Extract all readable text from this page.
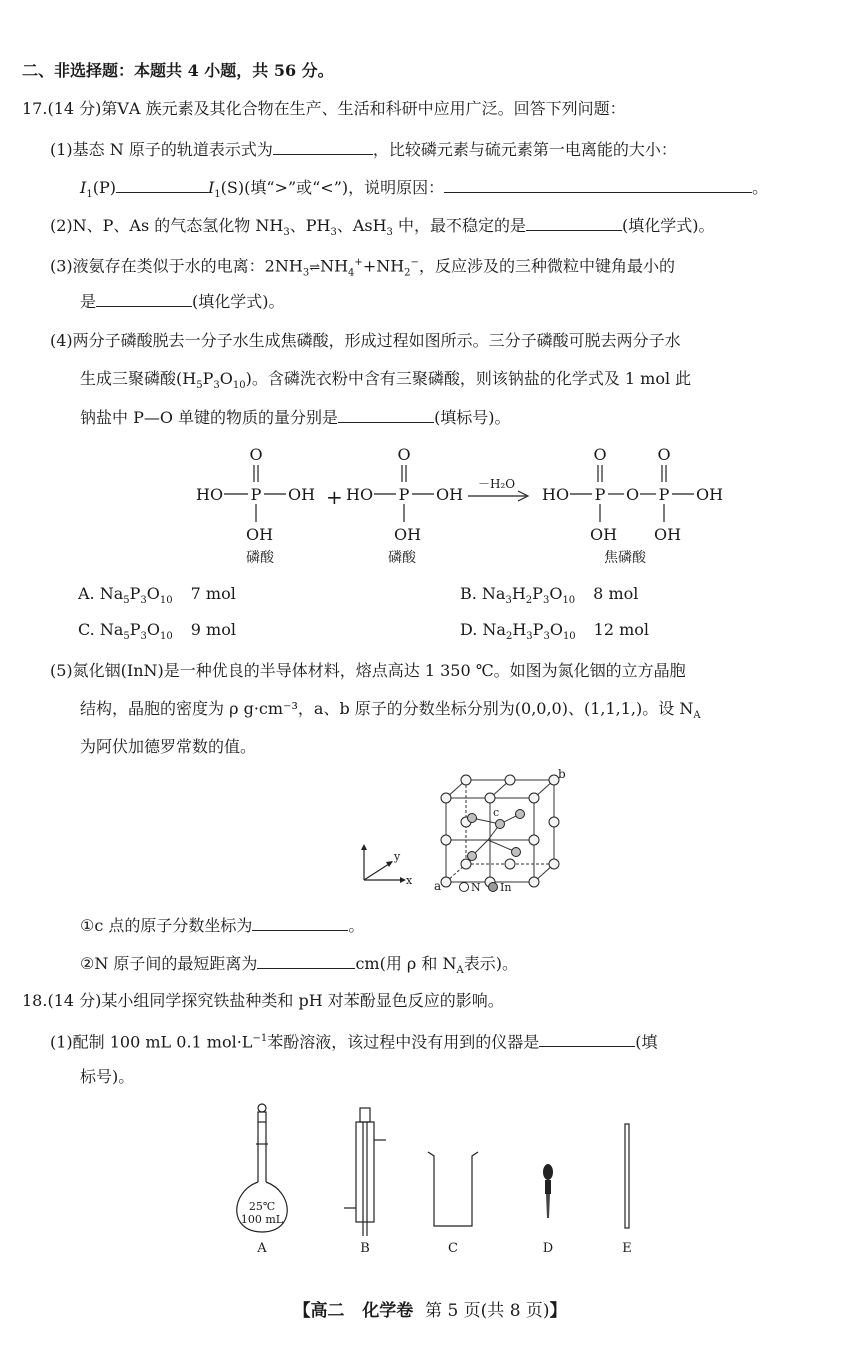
二、非选择题：本题共 4 小题，共 56 分。
17.(14 分)第ⅤA 族元素及其化合物在生产、生活和科研中应用广泛。回答下列问题：
(1)基态 N 原子的轨道表示式为	，比较磷元素与硫元素第一电离能的大小：
$I_1(P)$	$I_1(S)$(填“>”或“<”)，说明原因：	。
(2)N、P、As 的气态氢化物 $NH_3$、$PH_3$、AsH$_3$ 中，最不稳定的是	(填化学式)。
(3)液氨存在类似于水的电离：$2NH_3\rightleftharpoons NH_4^++NH_2^-$，反应涉及的三种微粒中键角最小的
是	(填化学式)。
(4)两分子磷酸脱去一分子水生成焦磷酸，形成过程如图所示。三分子磷酸可脱去两分子水
生成三聚磷酸$(H_5P_3O_{10})$。含磷洗衣粉中含有三聚磷酸，则该钠盐的化学式及 1 mol 此
钠盐中 P—O 单键的物质的量分别是	(填标号)。
O
HO P OH
OH
磷酸
+
O
HO P OH
OH
磷酸
－H₂O
HO
O
P O
O
P OH
OH OH
焦磷酸
A. $Na_5P_3O_{10}$ 7 mol	B. $Na_3H_2P_3O_{10}$ 8 mol
C. $Na_5P_3O_{10}$ 9 mol	D. $Na_2H_3P_3O_{10}$ 12 mol
(5)氮化铟(InN)是一种优良的半导体材料，熔点高达 1 350 ℃。如图为氮化铟的立方晶胞
结构，晶胞的密度为 ρ g·cm⁻³，a、b 原子的分数坐标分别为(0,0,0)、(1,1,1,)。设 $N_A$
为阿伏加德罗常数的值。
y
x
c
b
a	N In
①c 点的原子分数坐标为	。
②N 原子间的最短距离为	cm(用 ρ 和 $N_A$表示)。
18.(14 分)某小组同学探究铁盐种类和 pH 对苯酚显色反应的影响。
(1)配制 100 mL 0.1 $mol\cdot L^{-1}$苯酚溶液，该过程中没有用到的仪器是	(填
标号)。
25℃
100 mL
A	B	C	D	E
【高二 化学卷 第 5 页(共 8 页)】
